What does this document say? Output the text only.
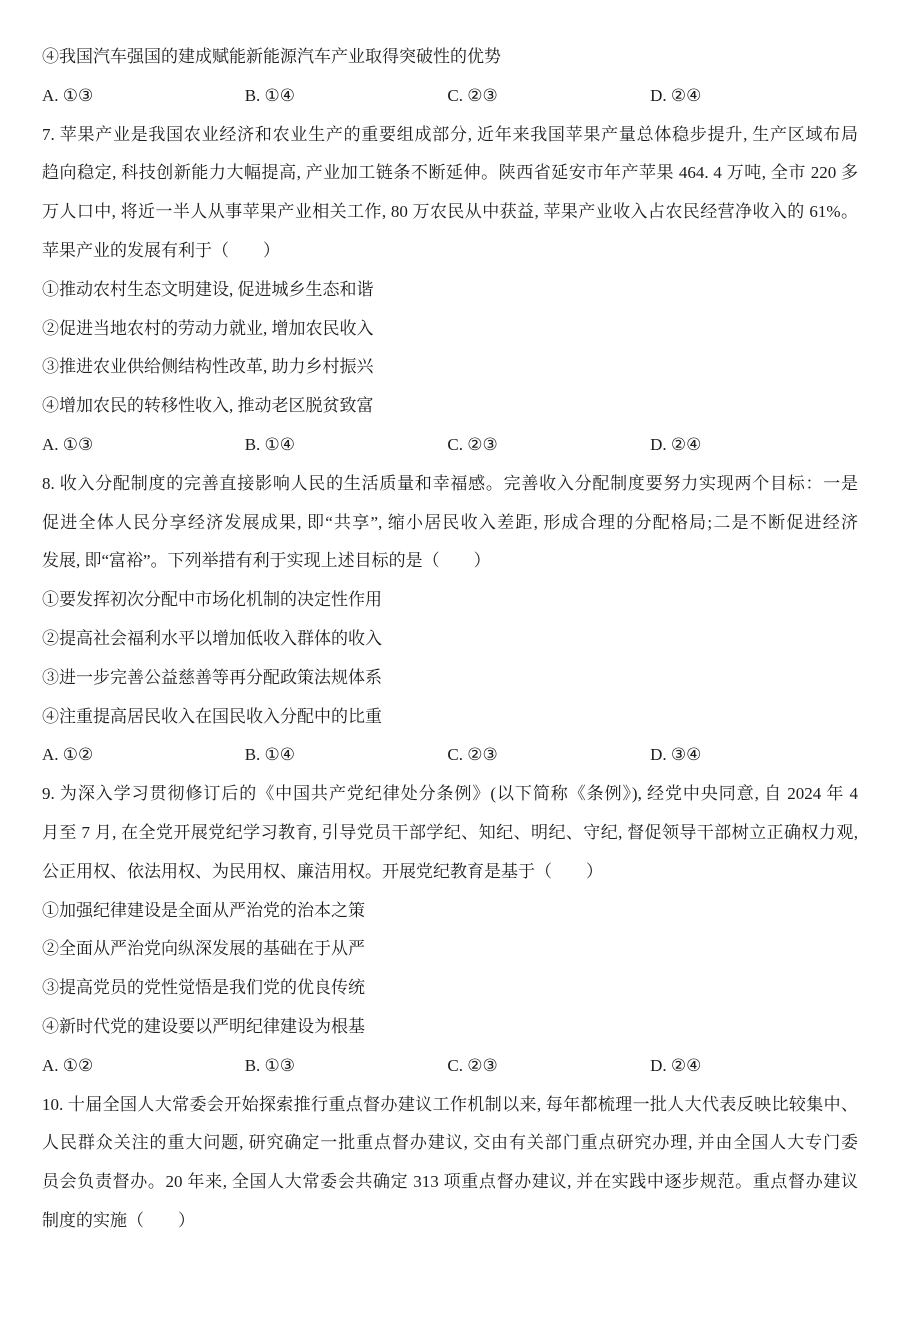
④我国汽车强国的建成赋能新能源汽车产业取得突破性的优势
A. ①③	B. ①④	C. ②③	D. ②④
7. 苹果产业是我国农业经济和农业生产的重要组成部分, 近年来我国苹果产量总体稳步提升, 生产区域布局
趋向稳定, 科技创新能力大幅提高, 产业加工链条不断延伸。陕西省延安市年产苹果 464. 4 万吨, 全市 220 多
万人口中, 将近一半人从事苹果产业相关工作, 80 万农民从中获益, 苹果产业收入占农民经营净收入的 61%。
苹果产业的发展有利于（　　）
①推动农村生态文明建设, 促进城乡生态和谐
②促进当地农村的劳动力就业, 增加农民收入
③推进农业供给侧结构性改革, 助力乡村振兴
④增加农民的转移性收入, 推动老区脱贫致富
A. ①③	B. ①④	C. ②③	D. ②④
8. 收入分配制度的完善直接影响人民的生活质量和幸福感。完善收入分配制度要努力实现两个目标：一是
促进全体人民分享经济发展成果, 即“共享”, 缩小居民收入差距, 形成合理的分配格局;二是不断促进经济
发展, 即“富裕”。下列举措有利于实现上述目标的是（　　）
①要发挥初次分配中市场化机制的决定性作用
②提高社会福利水平以增加低收入群体的收入
③进一步完善公益慈善等再分配政策法规体系
④注重提高居民收入在国民收入分配中的比重
A. ①②	B. ①④	C. ②③	D. ③④
9. 为深入学习贯彻修订后的《中国共产党纪律处分条例》(以下简称《条例》), 经党中央同意, 自 2024 年 4
月至 7 月, 在全党开展党纪学习教育, 引导党员干部学纪、知纪、明纪、守纪, 督促领导干部树立正确权力观,
公正用权、依法用权、为民用权、廉洁用权。开展党纪教育是基于（　　）
①加强纪律建设是全面从严治党的治本之策
②全面从严治党向纵深发展的基础在于从严
③提高党员的党性觉悟是我们党的优良传统
④新时代党的建设要以严明纪律建设为根基
A. ①②	B. ①③	C. ②③	D. ②④
10. 十届全国人大常委会开始探索推行重点督办建议工作机制以来, 每年都梳理一批人大代表反映比较集中、
人民群众关注的重大问题, 研究确定一批重点督办建议, 交由有关部门重点研究办理, 并由全国人大专门委
员会负责督办。20 年来, 全国人大常委会共确定 313 项重点督办建议, 并在实践中逐步规范。重点督办建议
制度的实施（　　）
